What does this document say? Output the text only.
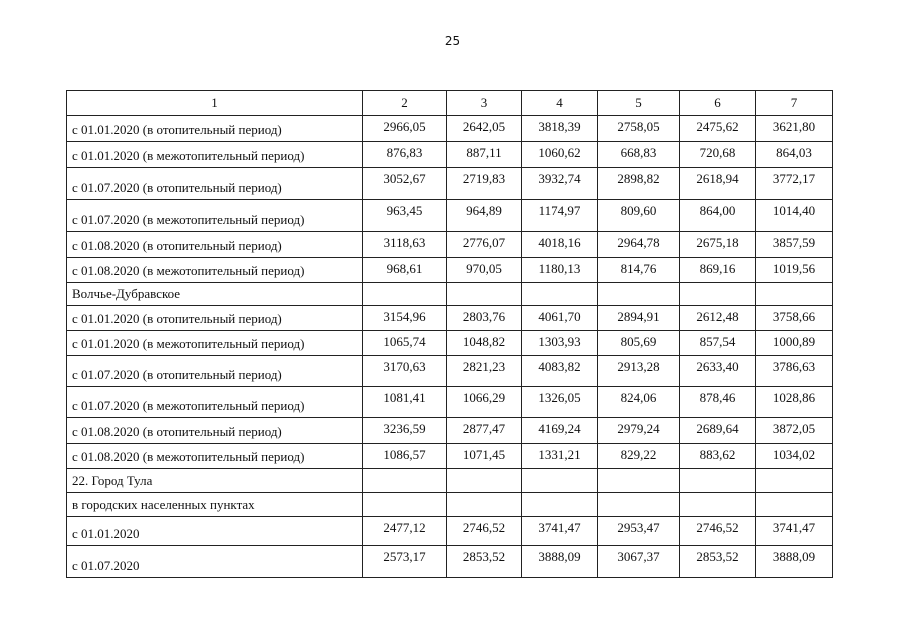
25
1	2	3	4	5	6	7
с 01.01.2020 (в отопительный период)	2966,05	2642,05	3818,39	2758,05	2475,62	3621,80
с 01.01.2020 (в межотопительный период)	876,83	887,11	1060,62	668,83	720,68	864,03
с 01.07.2020 (в отопительный период)	3052,67	2719,83	3932,74	2898,82	2618,94	3772,17
с 01.07.2020 (в межотопительный период)	963,45	964,89	1174,97	809,60	864,00	1014,40
с 01.08.2020 (в отопительный период)	3118,63	2776,07	4018,16	2964,78	2675,18	3857,59
с 01.08.2020 (в межотопительный период)	968,61	970,05	1180,13	814,76	869,16	1019,56
Волчье-Дубравское						
с 01.01.2020 (в отопительный период)	3154,96	2803,76	4061,70	2894,91	2612,48	3758,66
с 01.01.2020 (в межотопительный период)	1065,74	1048,82	1303,93	805,69	857,54	1000,89
с 01.07.2020 (в отопительный период)	3170,63	2821,23	4083,82	2913,28	2633,40	3786,63
с 01.07.2020 (в межотопительный период)	1081,41	1066,29	1326,05	824,06	878,46	1028,86
с 01.08.2020 (в отопительный период)	3236,59	2877,47	4169,24	2979,24	2689,64	3872,05
с 01.08.2020 (в межотопительный период)	1086,57	1071,45	1331,21	829,22	883,62	1034,02
22. Город Тула						
в городских населенных пунктах						
с 01.01.2020	2477,12	2746,52	3741,47	2953,47	2746,52	3741,47
с 01.07.2020	2573,17	2853,52	3888,09	3067,37	2853,52	3888,09
